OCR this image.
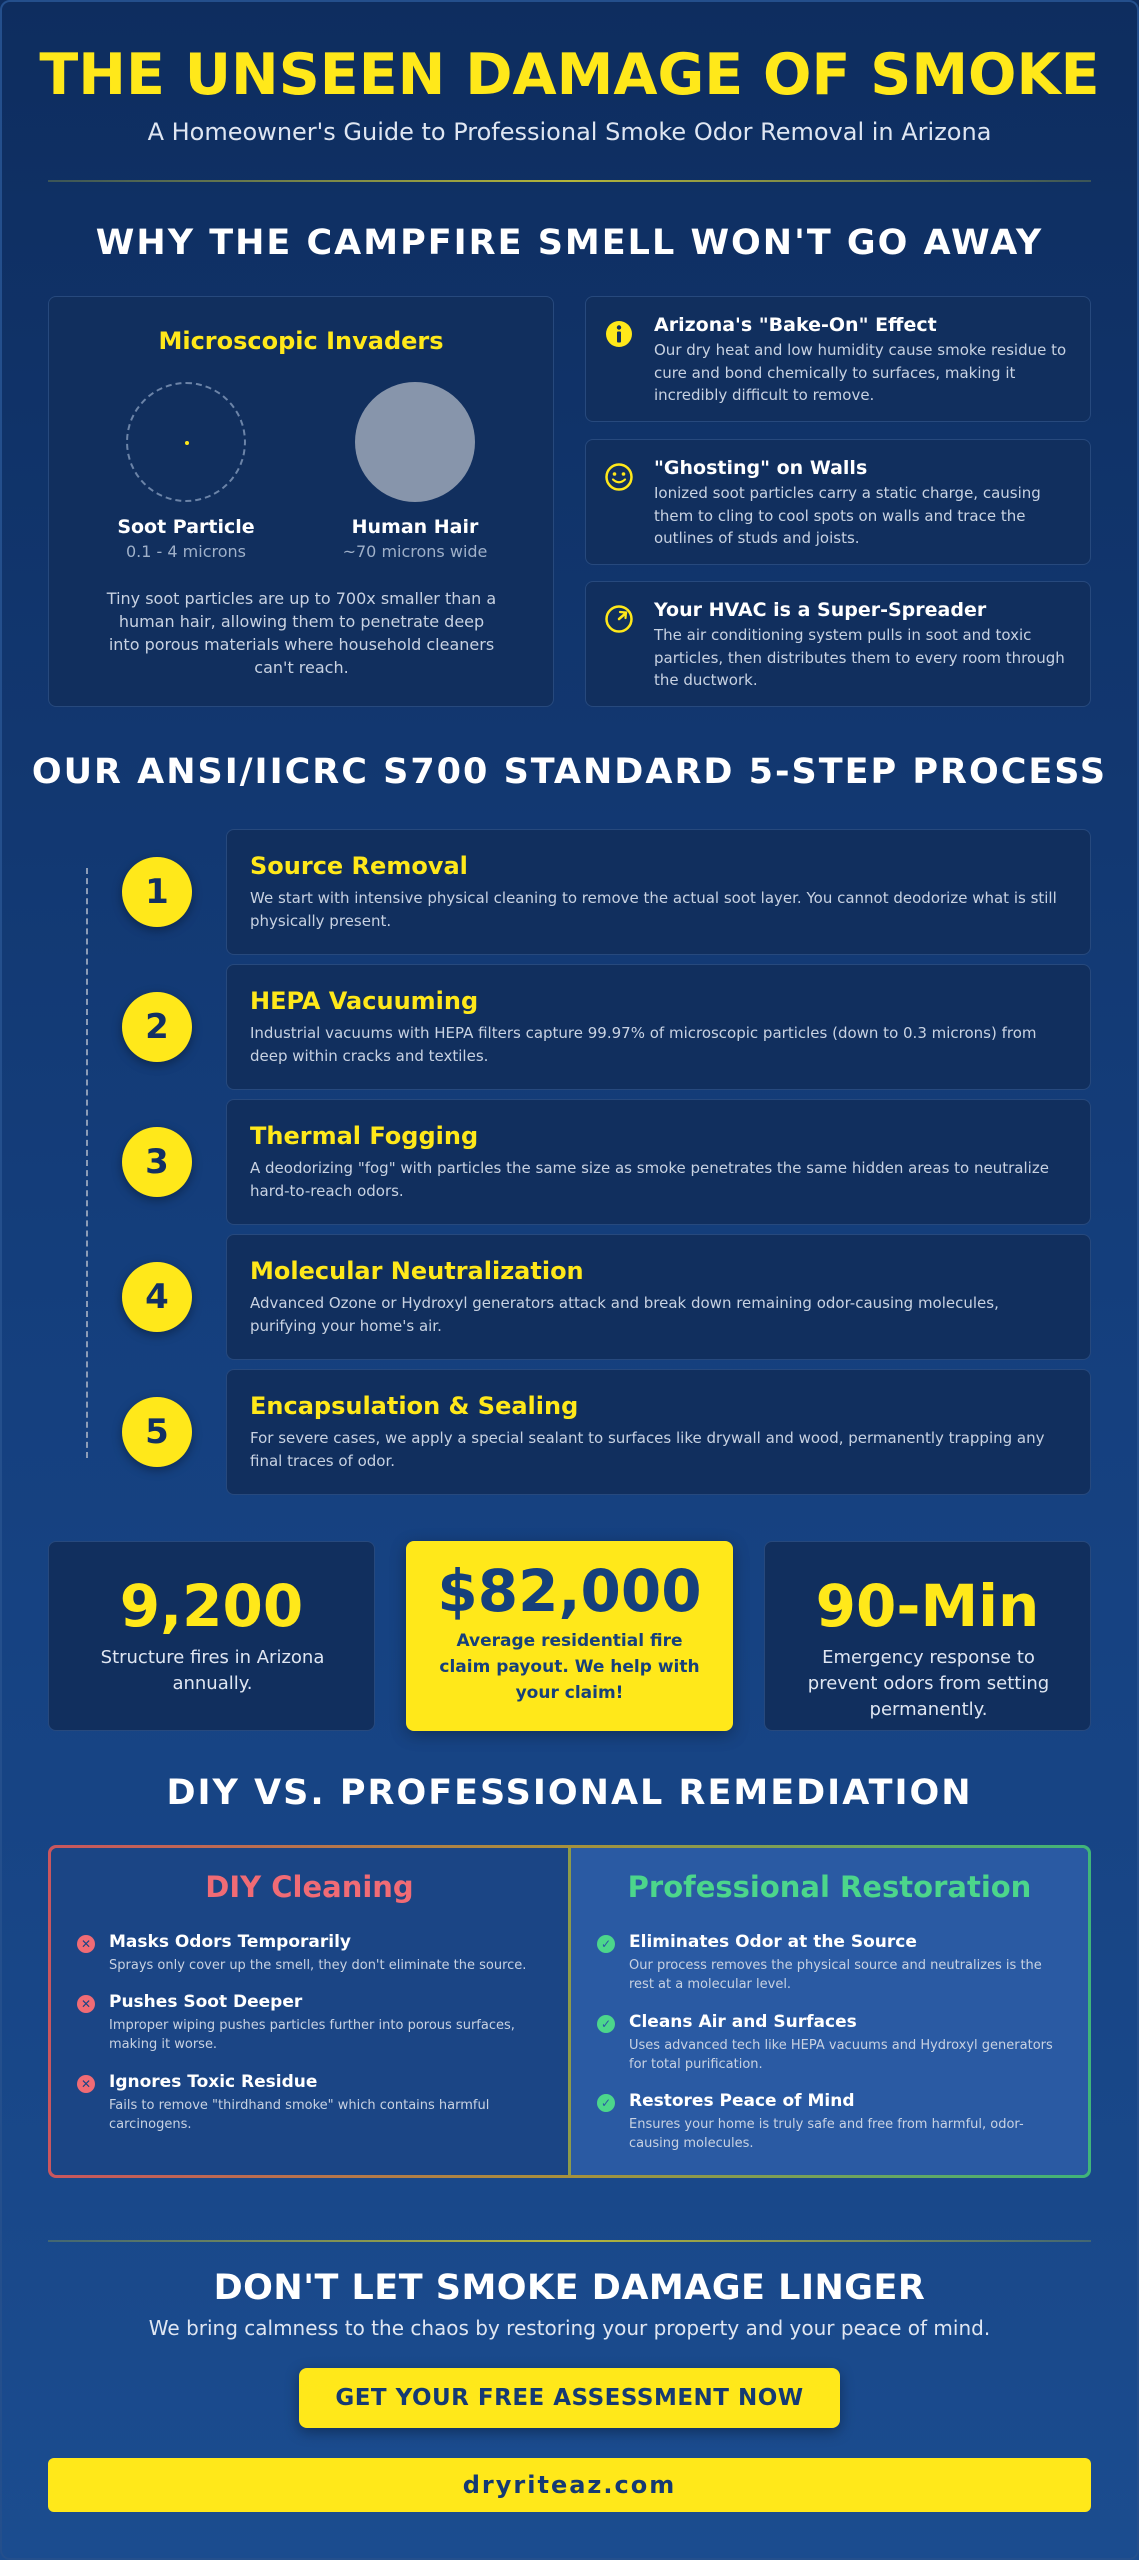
THE UNSEEN DAMAGE OF SMOKE
A Homeowner's Guide to Professional Smoke Odor Removal in Arizona
WHY THE CAMPFIRE SMELL WON'T GO AWAY
Microscopic Invaders
Soot Particle
0.1 - 4 microns
Human Hair
~70 microns wide
Tiny soot particles are up to 700x smaller than a human hair, allowing them to penetrate deep into porous materials where household cleaners can't reach.
Arizona's "Bake-On" Effect
Our dry heat and low humidity cause smoke residue to cure and bond chemically to surfaces, making it incredibly difficult to remove.
"Ghosting" on Walls
Ionized soot particles carry a static charge, causing them to cling to cool spots on walls and trace the outlines of studs and joists.
Your HVAC is a Super-Spreader
The air conditioning system pulls in soot and toxic particles, then distributes them to every room through the ductwork.
OUR ANSI/IICRC S700 STANDARD 5-STEP PROCESS
1
Source Removal
We start with intensive physical cleaning to remove the actual soot layer. You cannot deodorize what is still physically present.
2
HEPA Vacuuming
Industrial vacuums with HEPA filters capture 99.97% of microscopic particles (down to 0.3 microns) from deep within cracks and textiles.
3
Thermal Fogging
A deodorizing "fog" with particles the same size as smoke penetrates the same hidden areas to neutralize hard-to-reach odors.
4
Molecular Neutralization
Advanced Ozone or Hydroxyl generators attack and break down remaining odor-causing molecules, purifying your home's air.
5
Encapsulation & Sealing
For severe cases, we apply a special sealant to surfaces like drywall and wood, permanently trapping any final traces of odor.
9,200
Structure fires in Arizona annually.
$82,000
Average residential fire claim payout. We help with your claim!
90-Min
Emergency response to prevent odors from setting permanently.
DIY VS. PROFESSIONAL REMEDIATION
DIY Cleaning
✕ Masks Odors Temporarily
Sprays only cover up the smell, they don't eliminate the source.
✕ Pushes Soot Deeper
Improper wiping pushes particles further into porous surfaces, making it worse.
✕ Ignores Toxic Residue
Fails to remove "thirdhand smoke" which contains harmful carcinogens.
Professional Restoration
✓ Eliminates Odor at the Source
Our process removes the physical source and neutralizes is the rest at a molecular level.
✓ Cleans Air and Surfaces
Uses advanced tech like HEPA vacuums and Hydroxyl generators for total purification.
✓ Restores Peace of Mind
Ensures your home is truly safe and free from harmful, odor-causing molecules.
DON'T LET SMOKE DAMAGE LINGER
We bring calmness to the chaos by restoring your property and your peace of mind.
GET YOUR FREE ASSESSMENT NOW
dryriteaz.com
